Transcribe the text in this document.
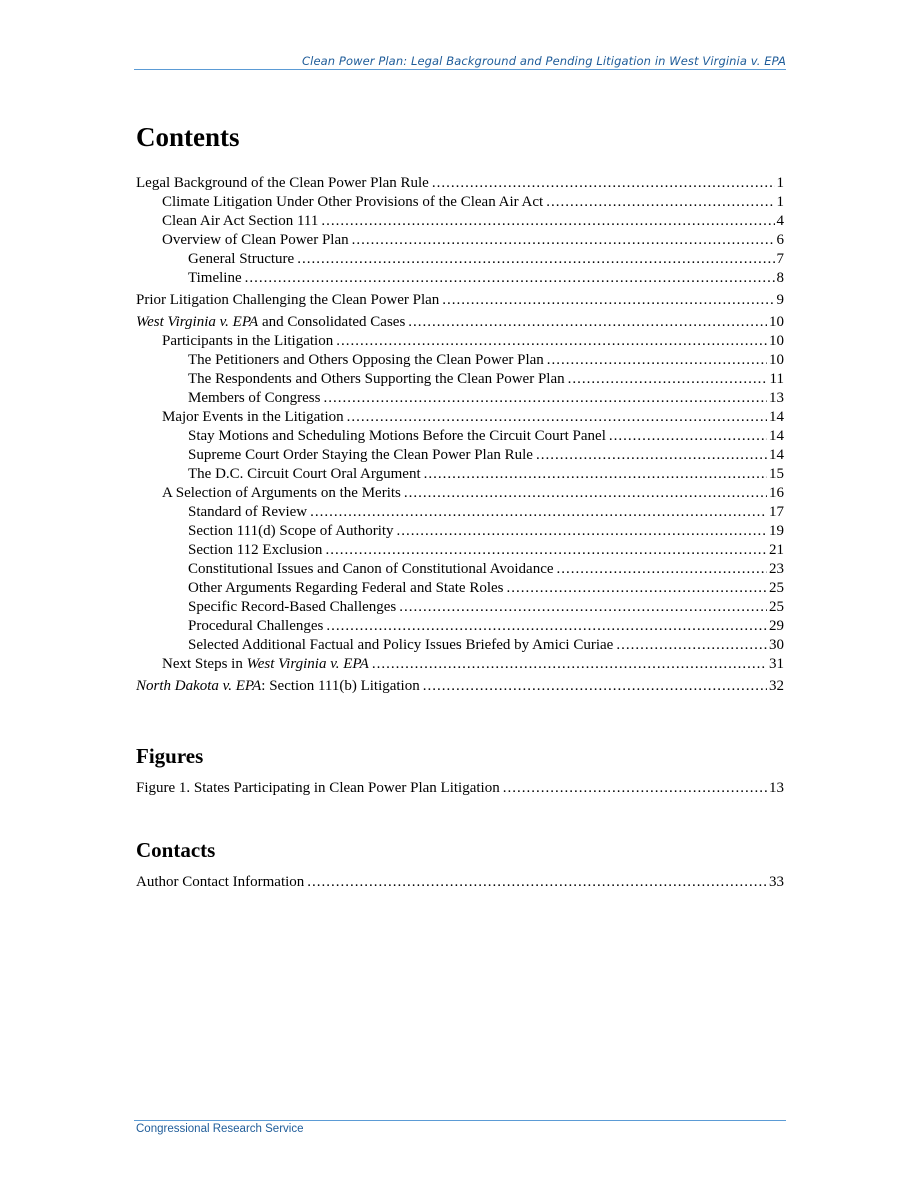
Clean Power Plan: Legal Background and Pending Litigation in West Virginia v. EPA
Contents
Legal Background of the Clean Power Plan Rule .....	1
Climate Litigation Under Other Provisions of the Clean Air Act .....	1
Clean Air Act Section 111 .....	4
Overview of Clean Power Plan .....	6
General Structure .....	7
Timeline .....	8
Prior Litigation Challenging the Clean Power Plan .....	9
West Virginia v. EPA and Consolidated Cases .....	10
Participants in the Litigation .....	10
The Petitioners and Others Opposing the Clean Power Plan .....	10
The Respondents and Others Supporting the Clean Power Plan .....	11
Members of Congress .....	13
Major Events in the Litigation .....	14
Stay Motions and Scheduling Motions Before the Circuit Court Panel .....	14
Supreme Court Order Staying the Clean Power Plan Rule .....	14
The D.C. Circuit Court Oral Argument .....	15
A Selection of Arguments on the Merits .....	16
Standard of Review .....	17
Section 111(d) Scope of Authority .....	19
Section 112 Exclusion .....	21
Constitutional Issues and Canon of Constitutional Avoidance .....	23
Other Arguments Regarding Federal and State Roles .....	25
Specific Record-Based Challenges .....	25
Procedural Challenges .....	29
Selected Additional Factual and Policy Issues Briefed by Amici Curiae .....	30
Next Steps in West Virginia v. EPA .....	31
North Dakota v. EPA: Section 111(b) Litigation .....	32
Figures
Figure 1. States Participating in Clean Power Plan Litigation .....	13
Contacts
Author Contact Information .....	33
Congressional Research Service
